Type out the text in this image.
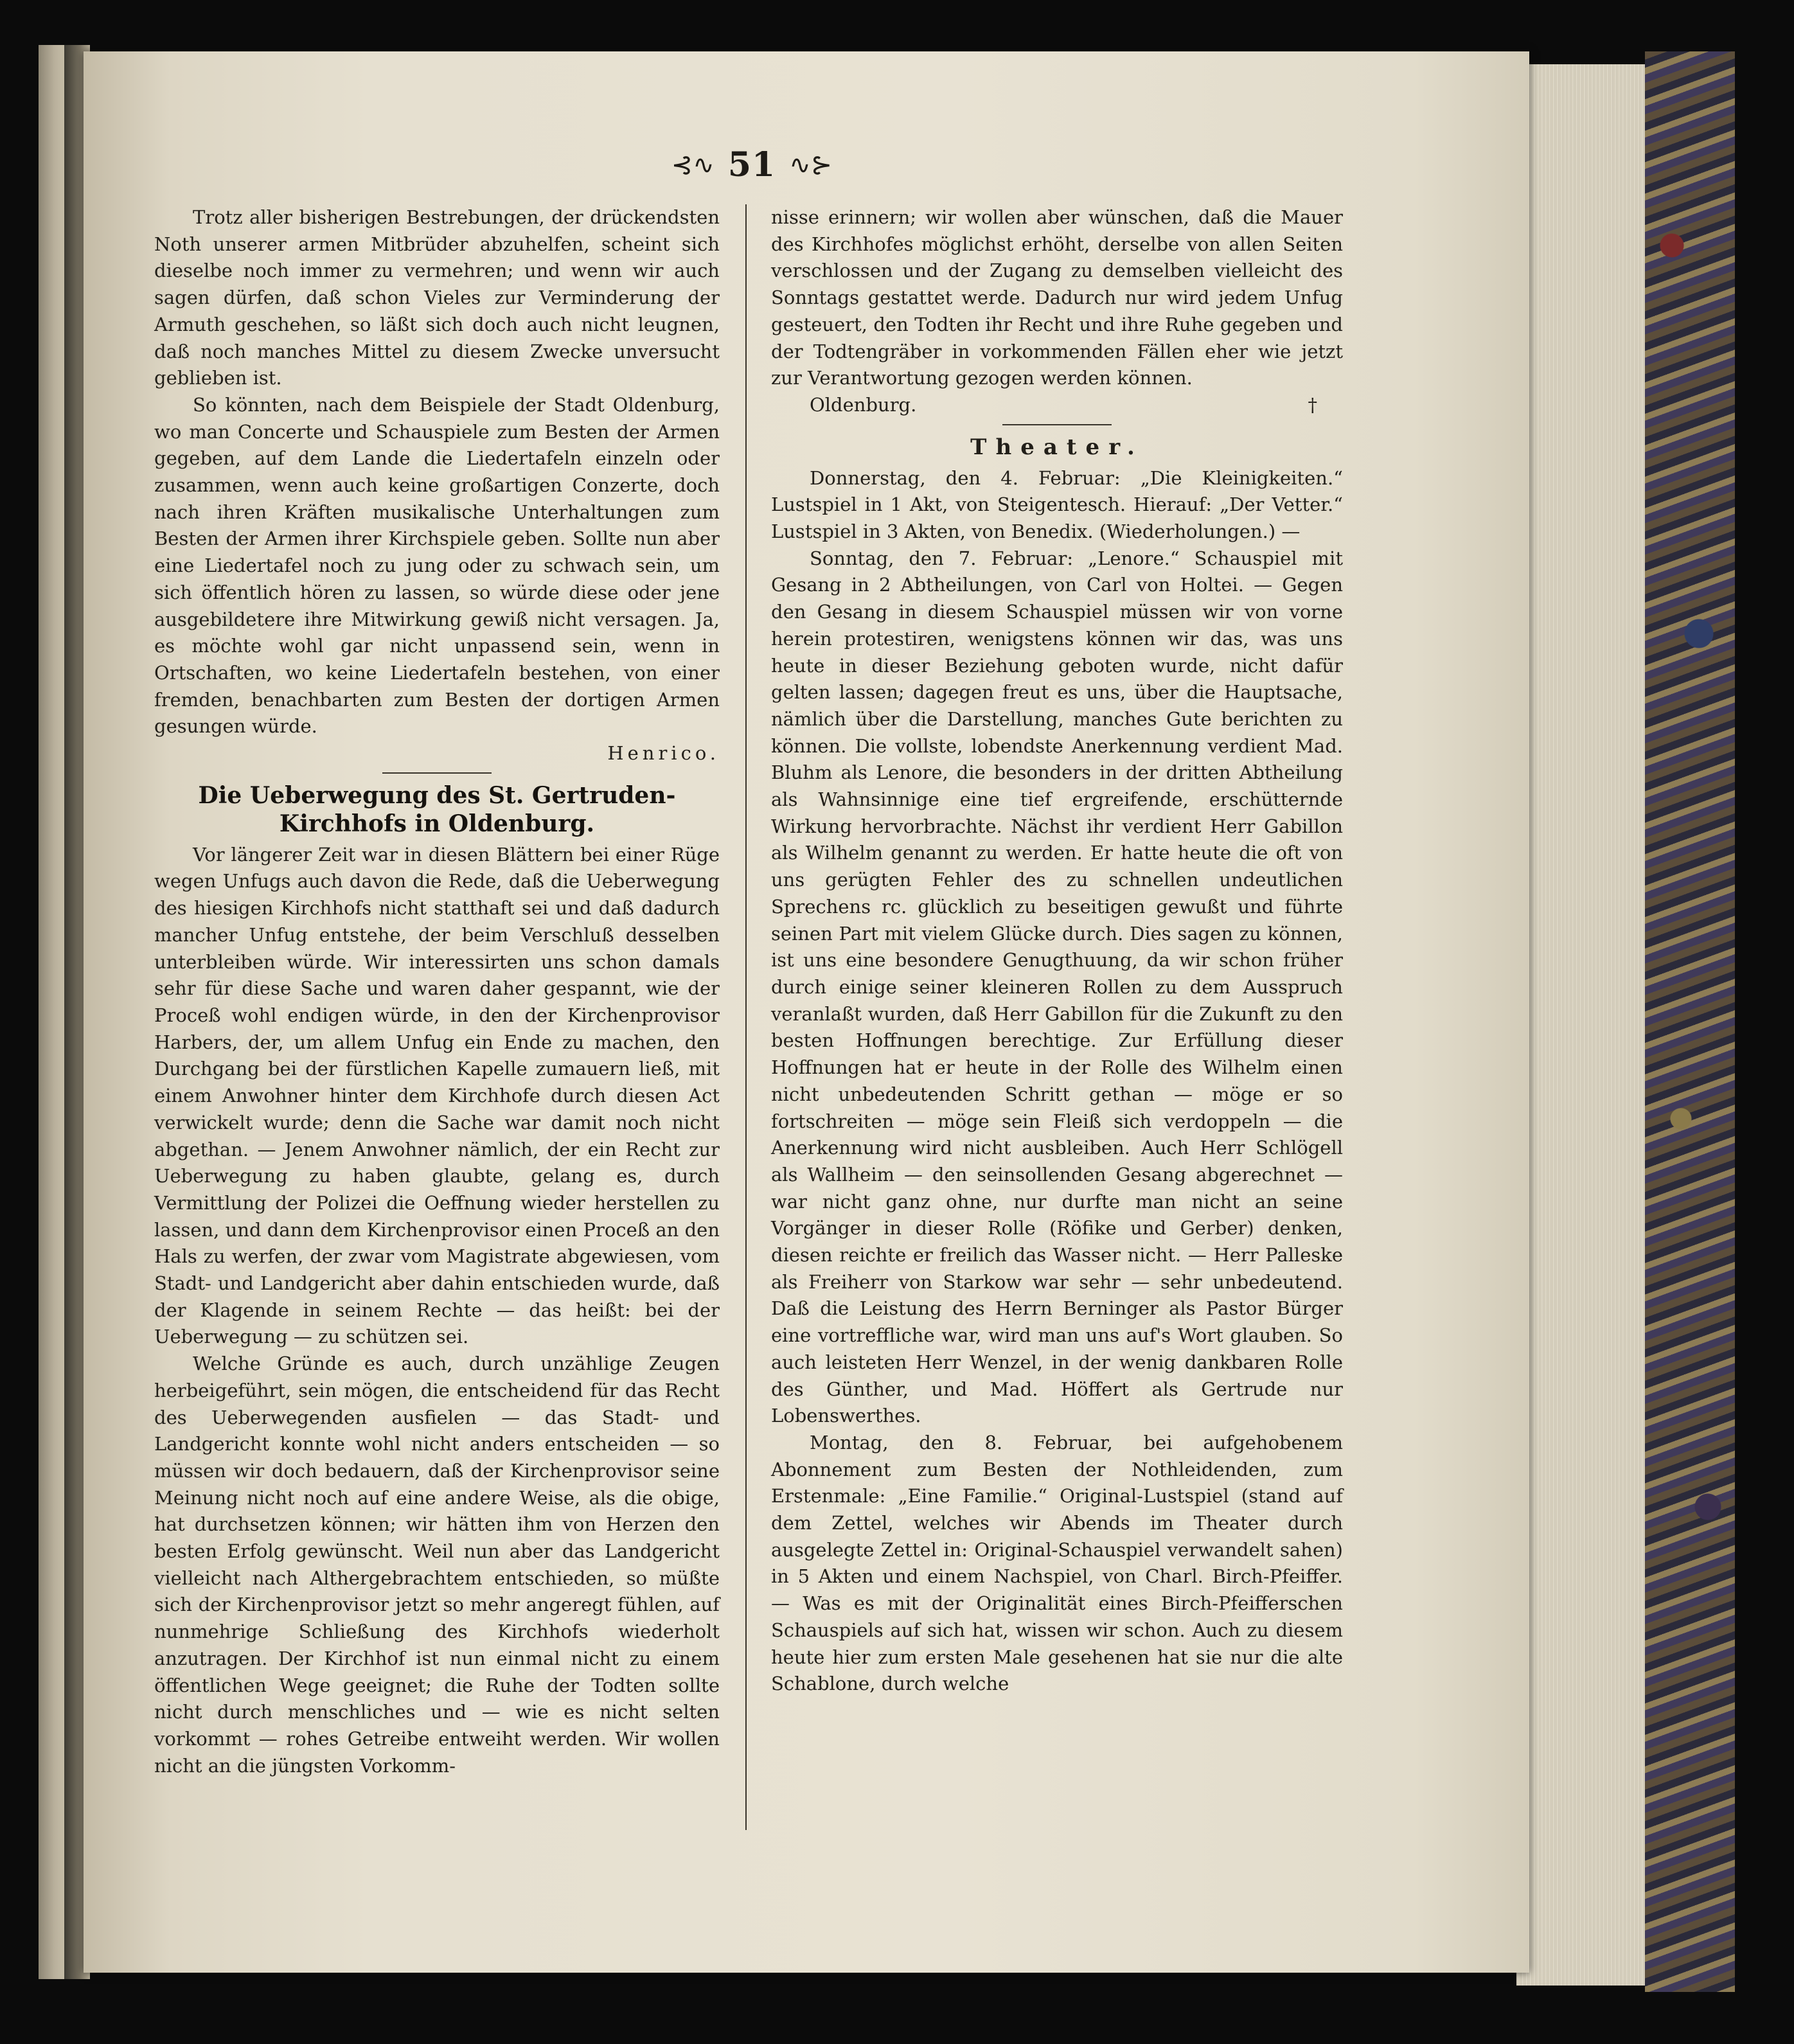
⊰∿ 51 ∿⊱

Trotz aller bisherigen Bestrebungen, der drückendsten Noth unserer armen Mitbrüder abzuhelfen, scheint sich dieselbe noch immer zu vermehren; und wenn wir auch sagen dürfen, daß schon Vieles zur Verminderung der Armuth geschehen, so läßt sich doch auch nicht leugnen, daß noch manches Mittel zu diesem Zwecke unversucht geblieben ist.

So könnten, nach dem Beispiele der Stadt Oldenburg, wo man Concerte und Schauspiele zum Besten der Armen gegeben, auf dem Lande die Liedertafeln einzeln oder zusammen, wenn auch keine großartigen Conzerte, doch nach ihren Kräften musikalische Unterhaltungen zum Besten der Armen ihrer Kirchspiele geben. Sollte nun aber eine Liedertafel noch zu jung oder zu schwach sein, um sich öffentlich hören zu lassen, so würde diese oder jene ausgebildetere ihre Mitwirkung gewiß nicht versagen. Ja, es möchte wohl gar nicht unpassend sein, wenn in Ortschaften, wo keine Liedertafeln bestehen, von einer fremden, benachbarten zum Besten der dortigen Armen gesungen würde.

Henrico.

Die Ueberwegung des St. Gertruden-Kirchhofs in Oldenburg.

Vor längerer Zeit war in diesen Blättern bei einer Rüge wegen Unfugs auch davon die Rede, daß die Ueberwegung des hiesigen Kirchhofs nicht statthaft sei und daß dadurch mancher Unfug entstehe, der beim Verschluß desselben unterbleiben würde. Wir interessirten uns schon damals sehr für diese Sache und waren daher gespannt, wie der Proceß wohl endigen würde, in den der Kirchenprovisor Harbers, der, um allem Unfug ein Ende zu machen, den Durchgang bei der fürstlichen Kapelle zumauern ließ, mit einem Anwohner hinter dem Kirchhofe durch diesen Act verwickelt wurde; denn die Sache war damit noch nicht abgethan. — Jenem Anwohner nämlich, der ein Recht zur Ueberwegung zu haben glaubte, gelang es, durch Vermittlung der Polizei die Oeffnung wieder herstellen zu lassen, und dann dem Kirchenprovisor einen Proceß an den Hals zu werfen, der zwar vom Magistrate abgewiesen, vom Stadt- und Landgericht aber dahin entschieden wurde, daß der Klagende in seinem Rechte — das heißt: bei der Ueberwegung — zu schützen sei.

Welche Gründe es auch, durch unzählige Zeugen herbeigeführt, sein mögen, die entscheidend für das Recht des Ueberwegenden ausfielen — das Stadt- und Landgericht konnte wohl nicht anders entscheiden — so müssen wir doch bedauern, daß der Kirchenprovisor seine Meinung nicht noch auf eine andere Weise, als die obige, hat durchsetzen können; wir hätten ihm von Herzen den besten Erfolg gewünscht. Weil nun aber das Landgericht vielleicht nach Althergebrachtem entschieden, so müßte sich der Kirchenprovisor jetzt so mehr angeregt fühlen, auf nunmehrige Schließung des Kirchhofs wiederholt anzutragen. Der Kirchhof ist nun einmal nicht zu einem öffentlichen Wege geeignet; die Ruhe der Todten sollte nicht durch menschliches und — wie es nicht selten vorkommt — rohes Getreibe entweiht werden. Wir wollen nicht an die jüngsten Vorkomm-

nisse erinnern; wir wollen aber wünschen, daß die Mauer des Kirchhofes möglichst erhöht, derselbe von allen Seiten verschlossen und der Zugang zu demselben vielleicht des Sonntags gestattet werde. Dadurch nur wird jedem Unfug gesteuert, den Todten ihr Recht und ihre Ruhe gegeben und der Todtengräber in vorkommenden Fällen eher wie jetzt zur Verantwortung gezogen werden können.

Oldenburg.	†

Theater.

Donnerstag, den 4. Februar: „Die Kleinigkeiten.“ Lustspiel in 1 Akt, von Steigentesch. Hierauf: „Der Vetter.“ Lustspiel in 3 Akten, von Benedix. (Wiederholungen.) —

Sonntag, den 7. Februar: „Lenore.“ Schauspiel mit Gesang in 2 Abtheilungen, von Carl von Holtei. — Gegen den Gesang in diesem Schauspiel müssen wir von vorne herein protestiren, wenigstens können wir das, was uns heute in dieser Beziehung geboten wurde, nicht dafür gelten lassen; dagegen freut es uns, über die Hauptsache, nämlich über die Darstellung, manches Gute berichten zu können. Die vollste, lobendste Anerkennung verdient Mad. Bluhm als Lenore, die besonders in der dritten Abtheilung als Wahnsinnige eine tief ergreifende, erschütternde Wirkung hervorbrachte. Nächst ihr verdient Herr Gabillon als Wilhelm genannt zu werden. Er hatte heute die oft von uns gerügten Fehler des zu schnellen undeutlichen Sprechens rc. glücklich zu beseitigen gewußt und führte seinen Part mit vielem Glücke durch. Dies sagen zu können, ist uns eine besondere Genugthuung, da wir schon früher durch einige seiner kleineren Rollen zu dem Ausspruch veranlaßt wurden, daß Herr Gabillon für die Zukunft zu den besten Hoffnungen berechtige. Zur Erfüllung dieser Hoffnungen hat er heute in der Rolle des Wilhelm einen nicht unbedeutenden Schritt gethan — möge er so fortschreiten — möge sein Fleiß sich verdoppeln — die Anerkennung wird nicht ausbleiben. Auch Herr Schlögell als Wallheim — den seinsollenden Gesang abgerechnet — war nicht ganz ohne, nur durfte man nicht an seine Vorgänger in dieser Rolle (Röfike und Gerber) denken, diesen reichte er freilich das Wasser nicht. — Herr Palleske als Freiherr von Starkow war sehr — sehr unbedeutend. Daß die Leistung des Herrn Berninger als Pastor Bürger eine vortreffliche war, wird man uns auf's Wort glauben. So auch leisteten Herr Wenzel, in der wenig dankbaren Rolle des Günther, und Mad. Höffert als Gertrude nur Lobenswerthes.

Montag, den 8. Februar, bei aufgehobenem Abonnement zum Besten der Nothleidenden, zum Erstenmale: „Eine Familie.“ Original-Lustspiel (stand auf dem Zettel, welches wir Abends im Theater durch ausgelegte Zettel in: Original-Schauspiel verwandelt sahen) in 5 Akten und einem Nachspiel, von Charl. Birch-Pfeiffer. — Was es mit der Originalität eines Birch-Pfeifferschen Schauspiels auf sich hat, wissen wir schon. Auch zu diesem heute hier zum ersten Male gesehenen hat sie nur die alte Schablone, durch welche
